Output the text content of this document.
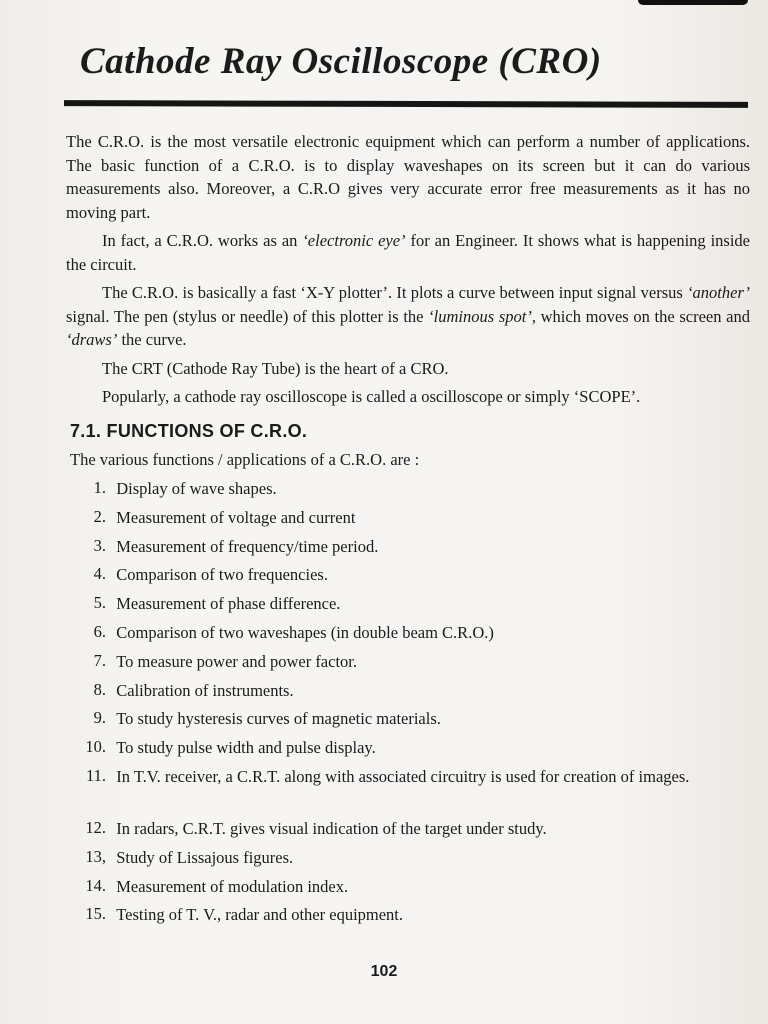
Cathode Ray Oscilloscope (CRO)

The C.R.O. is the most versatile electronic equipment which can perform a number of applications. The basic function of a C.R.O. is to display waveshapes on its screen but it can do various measurements also. Moreover, a C.R.O gives very accurate error free measurements as it has no moving part.

In fact, a C.R.O. works as an ‘electronic eye’ for an Engineer. It shows what is happening inside the circuit.

The C.R.O. is basically a fast ‘X-Y plotter’. It plots a curve between input signal versus ‘another’ signal. The pen (stylus or needle) of this plotter is the ‘luminous spot’, which moves on the screen and ‘draws’ the curve.

The CRT (Cathode Ray Tube) is the heart of a CRO.

Popularly, a cathode ray oscilloscope is called a oscilloscope or simply ‘SCOPE’.

7.1. FUNCTIONS OF C.R.O.
The various functions / applications of a C.R.O. are :
1.
Display of wave shapes.
2.
Measurement of voltage and current
3.
Measurement of frequency/time period.
4.
Comparison of two frequencies.
5.
Measurement of phase difference.
6.
Comparison of two waveshapes (in double beam C.R.O.)
7.
To measure power and power factor.
8.
Calibration of instruments.
9.
To study hysteresis curves of magnetic materials.
10.
To study pulse width and pulse display.
11.
In T.V. receiver, a C.R.T. along with associated circuitry is used for creation of images.
12.
In radars, C.R.T. gives visual indication of the target under study.
13,
Study of Lissajous figures.
14.
Measurement of modulation index.
15.
Testing of T. V., radar and other equipment.
102
